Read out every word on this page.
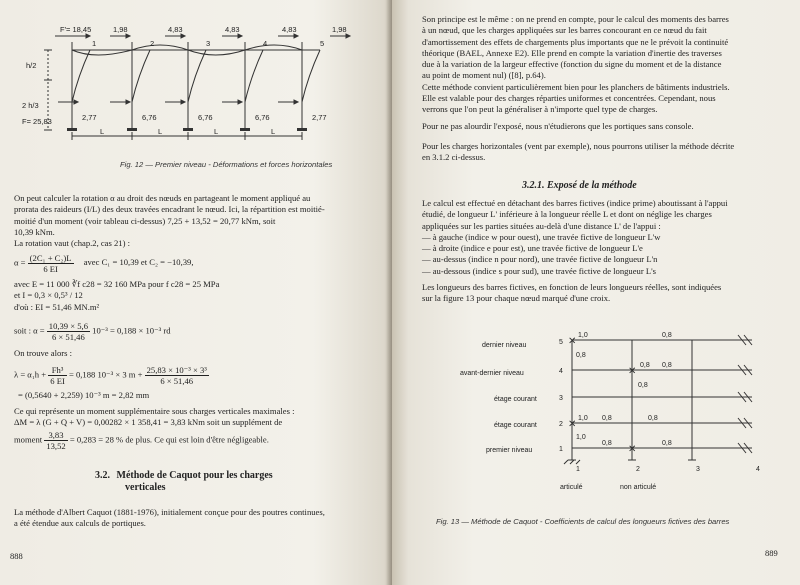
F'= 18,45	1,98	4,83	4,83	4,83	1,98
1	2	3	4	5
h/2
2 h/3
F= 25,83	2,77	6,76	6,76	6,76	2,77
L	L	L	L
Fig. 12 — Premier niveau - Déformations et forces horizontales
On peut calculer la rotation α au droit des nœuds en partageant le moment appliqué au
prorata des raideurs (I/L) des deux travées encadrant le nœud. Ici, la répartition est moitié-
moitié d'un moment (voir tableau ci-dessus) 7,25 + 13,52 = 20,77 kNm, soit
10,39 kNm.
La rotation vaut (chap.2, cas 21) :
$\alpha = \frac{\text{(2C₁ + C₂)L}}{6 EI}$ avec C₁ = 10,39 et C₂ = −10,39,
avec E = 11 000 ∛f c28 = 32 160 MPa pour f c28 = 25 MPa
et I = 0,3 × 0,5³ / 12
d'où : EI = 51,46 MN.m²
soit : $\alpha = \frac{10,39 \times 5,6}{6 \times 51,46} 10^{-3} = 0,188 \times 10^{-3}$ rd
On trouve alors :
$\lambda = \alpha_1h + \frac{\text{Fh³}}{6 EI} = 0,188$ 10⁻³ × 3 $m + \frac{\text{25,83 × 10⁻³ × 3³}}{6 \times 51,46}$
= (0,5640 + 2,259) 10⁻³ m = 2,82 mm
Ce qui représente un moment supplémentaire sous charges verticales maximales :
ΔM = λ (G + Q + V) = 0,00282 × 1 358,41 = 3,83 kNm soit un supplément de
moment $\frac{3,83}{13,52} = 0,283 = 28$ % de plus. Ce qui est loin d'être négligeable.
3.2. Méthode de Caquot pour les charges
verticales
La méthode d'Albert Caquot (1881-1976), initialement conçue pour des poutres continues,
a été étendue aux calculs de portiques.
888
Son principe est le même : on ne prend en compte, pour le calcul des moments des barres
à un nœud, que les charges appliquées sur les barres concourant en ce nœud du fait
d'amortissement des effets de chargements plus importants que ne le prévoit la continuité
théorique (BAEL, Annexe E2). Elle prend en compte la variation d'inertie des traverses
due à la variation de la largeur effective (fonction du signe du moment et de la distance
au point de moment nul) ([8], p.64).
Cette méthode convient particulièrement bien pour les planchers de bâtiments industriels.
Elle est valable pour des charges réparties uniformes et concentrées. Cependant, nous
verrons que l'on peut la généraliser à n'importe quel type de charges.
Pour ne pas alourdir l'exposé, nous n'étudierons que les portiques sans console.
Pour les charges horizontales (vent par exemple), nous pourrons utiliser la méthode décrite
en 3.1.2 ci-dessus.
3.2.1. Exposé de la méthode
Le calcul est effectué en détachant des barres fictives (indice prime) aboutissant à l'appui
étudié, de longueur L' inférieure à la longueur réelle L et dont on néglige les charges
appliquées sur les parties situées au-delà d'une distance L' de l'appui :
— à gauche (indice w pour ouest), une travée fictive de longueur L'w
— à droite (indice e pour est), une travée fictive de longueur L'e
— au-dessus (indice n pour nord), une travée fictive de longueur L'n
— au-dessous (indice s pour sud), une travée fictive de longueur L's
Les longueurs des barres fictives, en fonction de leurs longueurs réelles, sont indiquées
sur la figure 13 pour chaque nœud marqué d'une croix.
✕
✕
✕
✕
dernier niveau
avant-dernier niveau
étage courant
étage courant
premier niveau
5
4
3
2
1
1,0	0,8
0,8
0,8 0,8
0,8
1,0 0,8	0,8
0,8
1,0
0,8
1	2	3	4
articulé	non articulé
Fig. 13 — Méthode de Caquot - Coefficients de calcul des longueurs fictives des barres
889
